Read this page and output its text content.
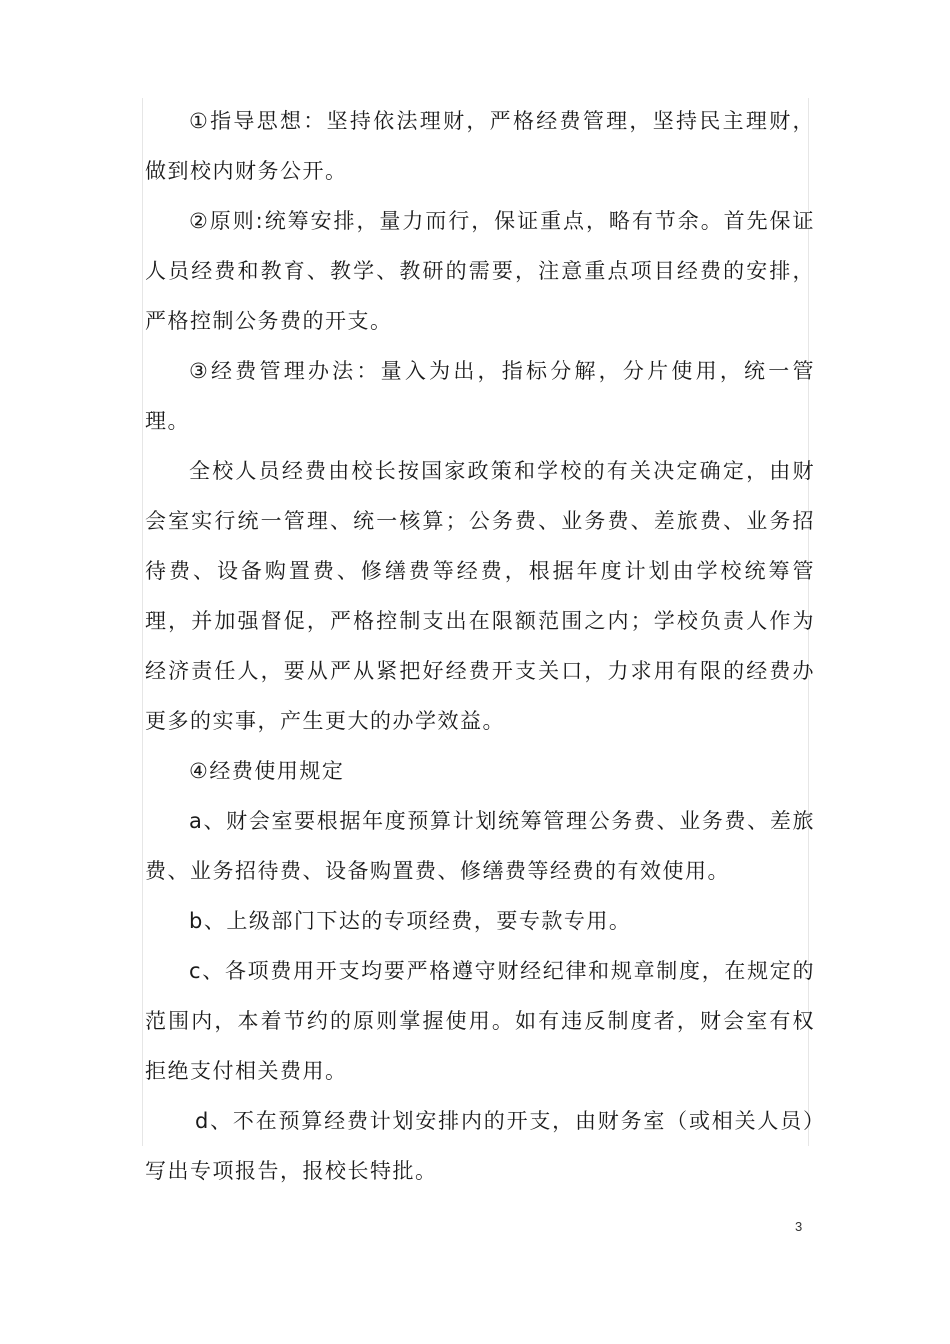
①指导思想：坚持依法理财，严格经费管理，坚持民主理财，做到校内财务公开。

②原则:统筹安排，量力而行，保证重点，略有节余。首先保证人员经费和教育、教学、教研的需要，注意重点项目经费的安排，严格控制公务费的开支。

③经费管理办法：量入为出，指标分解，分片使用，统一管理。

全校人员经费由校长按国家政策和学校的有关决定确定，由财会室实行统一管理、统一核算；公务费、业务费、差旅费、业务招待费、设备购置费、修缮费等经费，根据年度计划由学校统筹管理，并加强督促，严格控制支出在限额范围之内；学校负责人作为经济责任人，要从严从紧把好经费开支关口，力求用有限的经费办更多的实事，产生更大的办学效益。

④经费使用规定

a、财会室要根据年度预算计划统筹管理公务费、业务费、差旅费、业务招待费、设备购置费、修缮费等经费的有效使用。

b、上级部门下达的专项经费，要专款专用。

c、各项费用开支均要严格遵守财经纪律和规章制度，在规定的范围内，本着节约的原则掌握使用。如有违反制度者，财会室有权拒绝支付相关费用。

d、不在预算经费计划安排内的开支，由财务室（或相关人员）写出专项报告，报校长特批。

3
